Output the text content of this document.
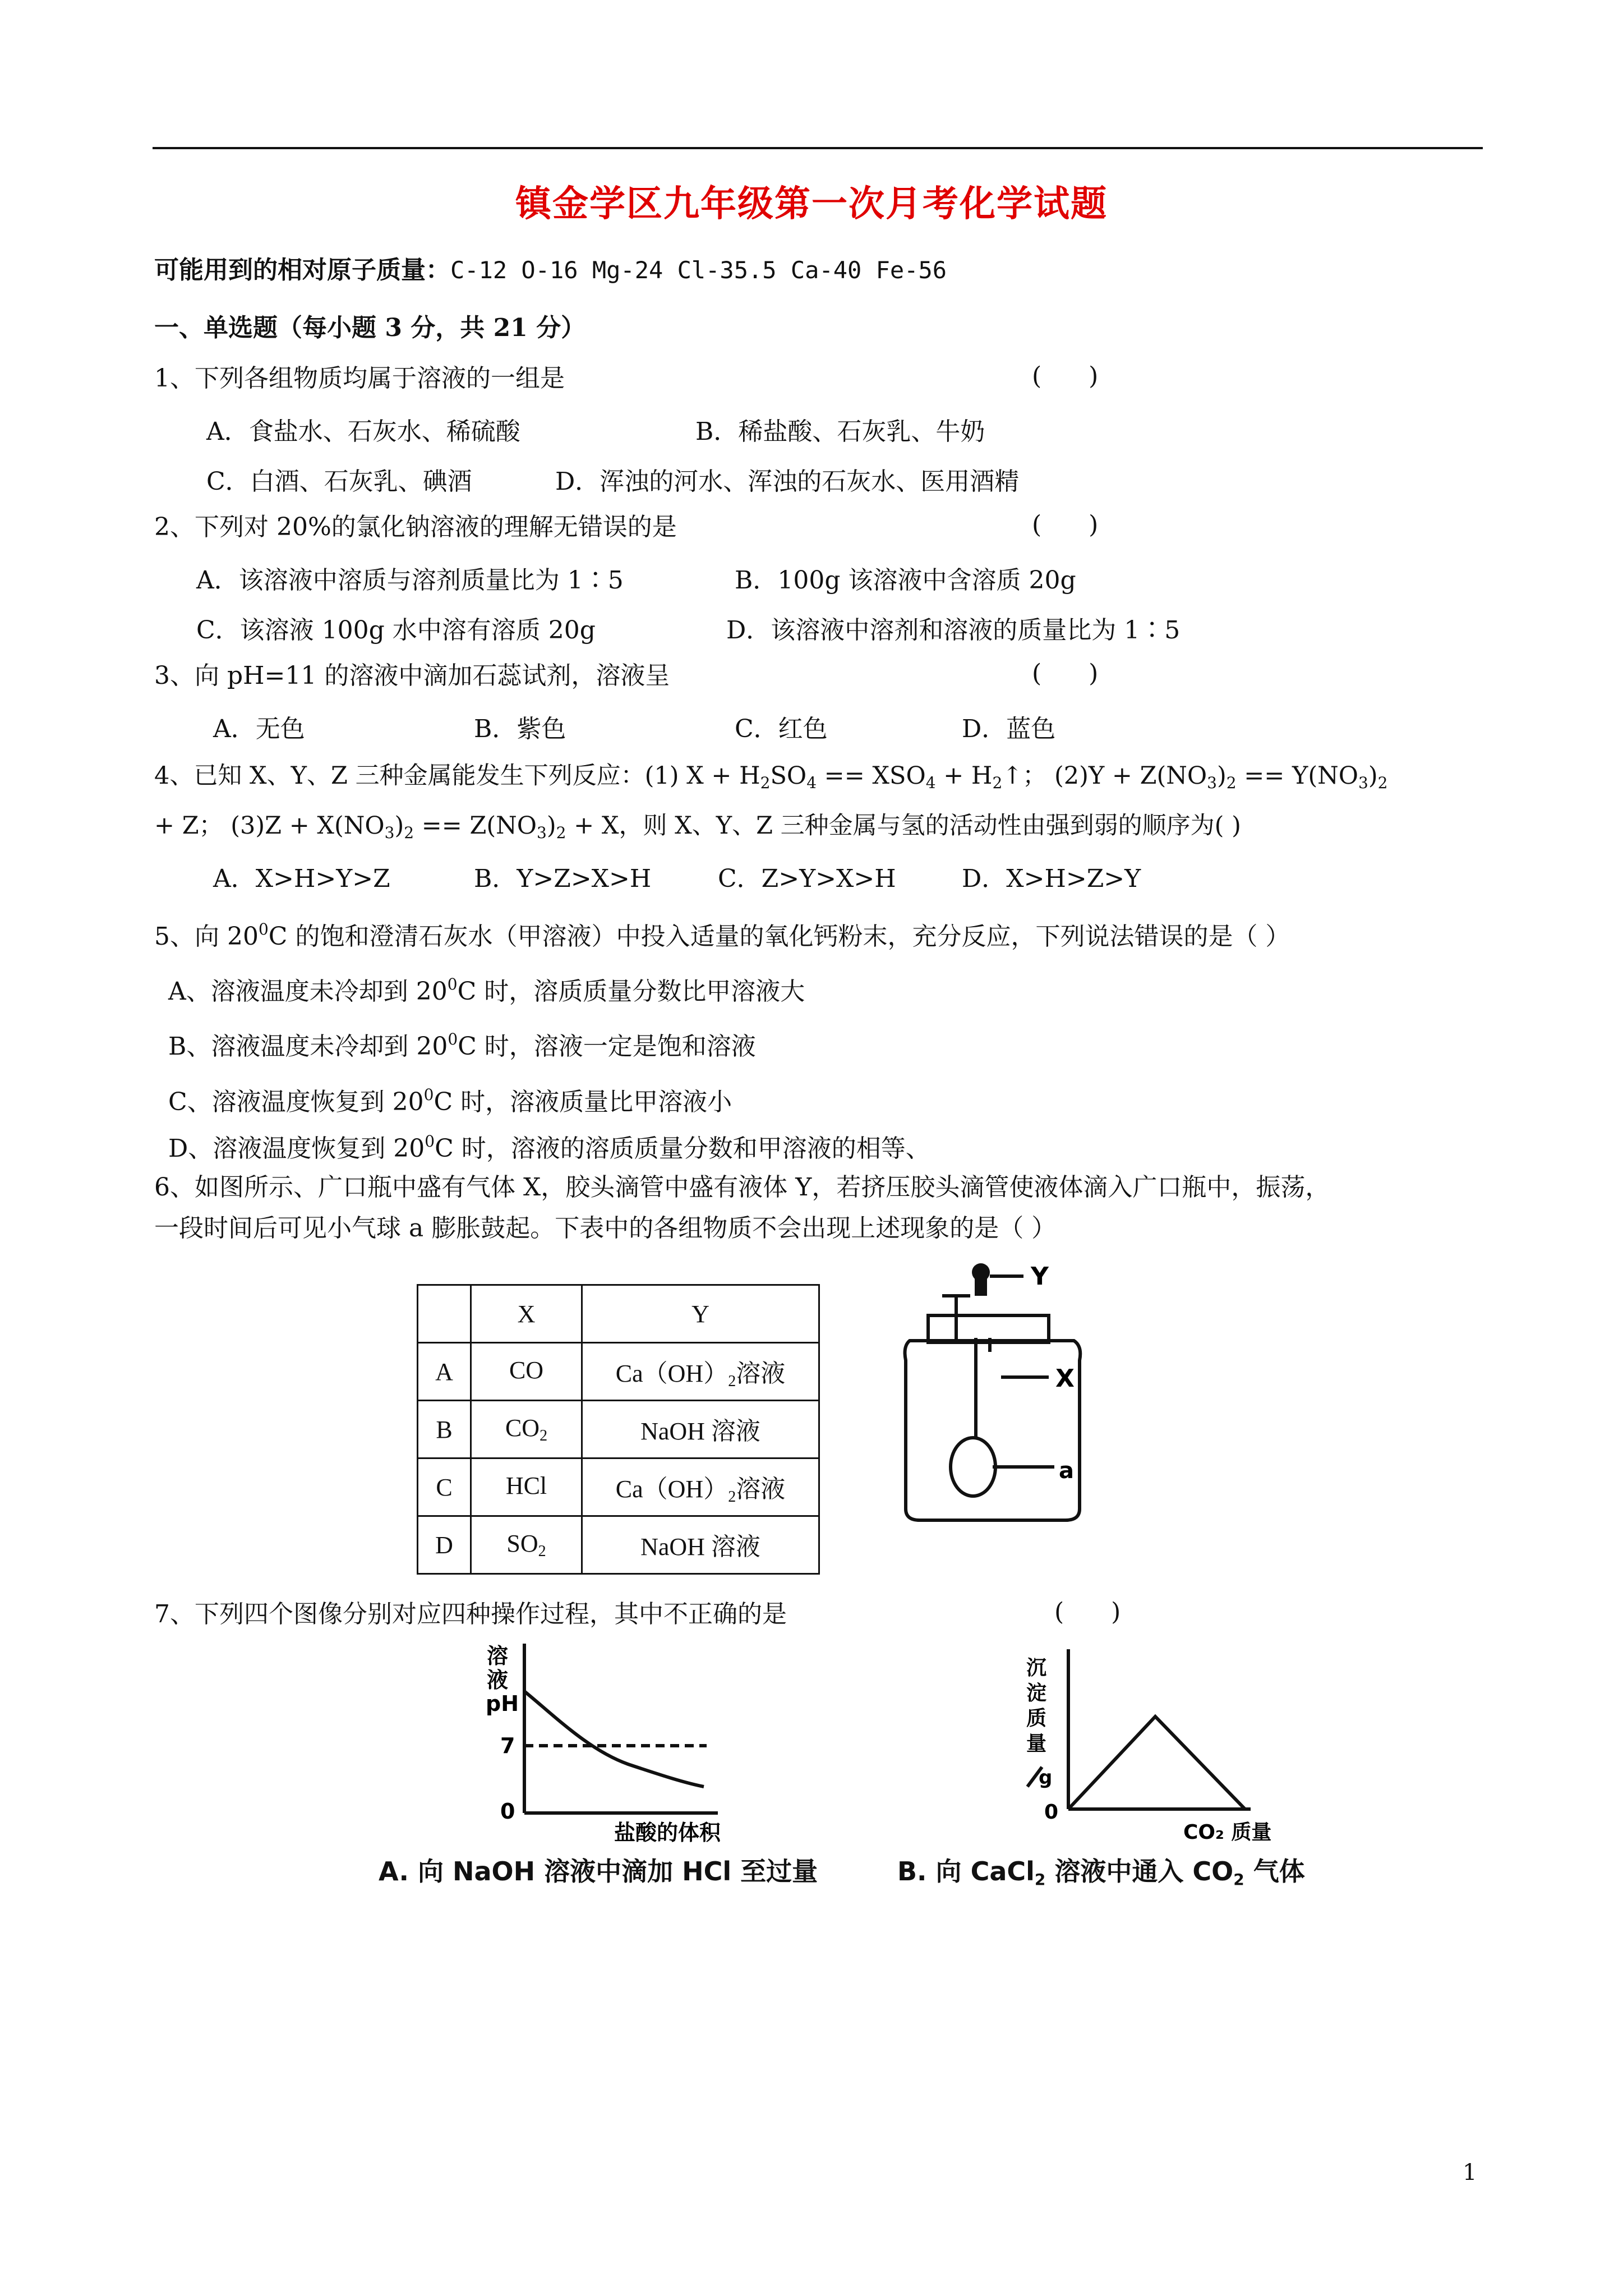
镇金学区九年级第一次月考化学试题
可能用到的相对原子质量：C-12 O-16 Mg-24 Cl-35.5 Ca-40 Fe-56
一、单选题（每小题 3 分，共 21 分）
1、下列各组物质均属于溶液的一组是	(      )
A．食盐水、石灰水、稀硫酸	B．稀盐酸、石灰乳、牛奶
C．白酒、石灰乳、碘酒	D．浑浊的河水、浑浊的石灰水、医用酒精
2、下列对 20%的氯化钠溶液的理解无错误的是	(      )
A．该溶液中溶质与溶剂质量比为 1∶5	B．100g 该溶液中含溶质 20g
C．该溶液 100g 水中溶有溶质 20g	D．该溶液中溶剂和溶液的质量比为 1∶5
3、向 pH=11 的溶液中滴加石蕊试剂，溶液呈	(      )
A．无色	B．紫色	C．红色	D．蓝色
4、已知 X、Y、Z 三种金属能发生下列反应：(1) $X + H_2SO_4 == XSO_4$ + $H_2↑$； $(2)Y + Z(NO_3)_2 == Y(NO_3)_2$
+ Z； $(3)Z + X(NO_3)_2 == Z(NO_3)_2 + X$，则 X、Y、Z 三种金属与氢的活动性由强到弱的顺序为( )
A．X>H>Y>Z	B．Y>Z>X>H	C．Z>Y>X>H	D．X>H>Z>Y
5、向 $20^0C$ 的饱和澄清石灰水（甲溶液）中投入适量的氧化钙粉末，充分反应，下列说法错误的是（ ）
A、溶液温度未冷却到 $20^0C$ 时，溶质质量分数比甲溶液大
B、溶液温度未冷却到 $20^0C$ 时，溶液一定是饱和溶液
C、溶液温度恢复到 $20^0C$ 时，溶液质量比甲溶液小
D、溶液温度恢复到 $20^0C$ 时，溶液的溶质质量分数和甲溶液的相等、
6、如图所示、广口瓶中盛有气体 X，胶头滴管中盛有液体 Y，若挤压胶头滴管使液体滴入广口瓶中，振荡，
一段时间后可见小气球 a 膨胀鼓起。下表中的各组物质不会出现上述现象的是（ ）
	X	Y
A	CO	$Ca(OH)_2$溶液
B	$CO_2$	NaOH 溶液
C	HCl	$Ca(OH)_2$溶液
D	$SO_2$	NaOH 溶液
Y
X
a
7、下列四个图像分别对应四种操作过程，其中不正确的是	(      )
溶
液
pH
7
0
盐酸的体积
A. 向 NaOH 溶液中滴加 HCl 至过量
沉
淀
质
量
g
0
CO₂ 质量
B. 向 CaCl$_2$ 溶液中通入 $CO_2$ 气体
1
